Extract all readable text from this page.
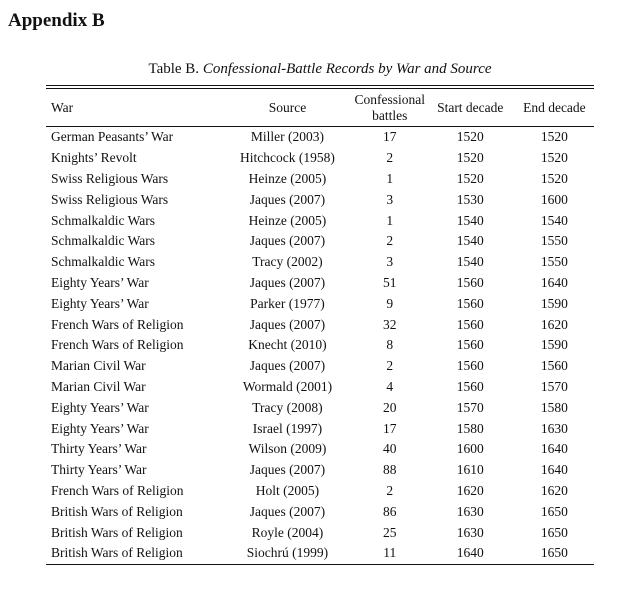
Appendix B
Table B. Confessional-Battle Records by War and Source
War	Source	Confessional battles	Start decade	End decade
German Peasants’ War	Miller (2003)	17	1520	1520
Knights’ Revolt	Hitchcock (1958)	2	1520	1520
Swiss Religious Wars	Heinze (2005)	1	1520	1520
Swiss Religious Wars	Jaques (2007)	3	1530	1600
Schmalkaldic Wars	Heinze (2005)	1	1540	1540
Schmalkaldic Wars	Jaques (2007)	2	1540	1550
Schmalkaldic Wars	Tracy (2002)	3	1540	1550
Eighty Years’ War	Jaques (2007)	51	1560	1640
Eighty Years’ War	Parker (1977)	9	1560	1590
French Wars of Religion	Jaques (2007)	32	1560	1620
French Wars of Religion	Knecht (2010)	8	1560	1590
Marian Civil War	Jaques (2007)	2	1560	1560
Marian Civil War	Wormald (2001)	4	1560	1570
Eighty Years’ War	Tracy (2008)	20	1570	1580
Eighty Years’ War	Israel (1997)	17	1580	1630
Thirty Years’ War	Wilson (2009)	40	1600	1640
Thirty Years’ War	Jaques (2007)	88	1610	1640
French Wars of Religion	Holt (2005)	2	1620	1620
British Wars of Religion	Jaques (2007)	86	1630	1650
British Wars of Religion	Royle (2004)	25	1630	1650
British Wars of Religion	Siochrú (1999)	11	1640	1650
